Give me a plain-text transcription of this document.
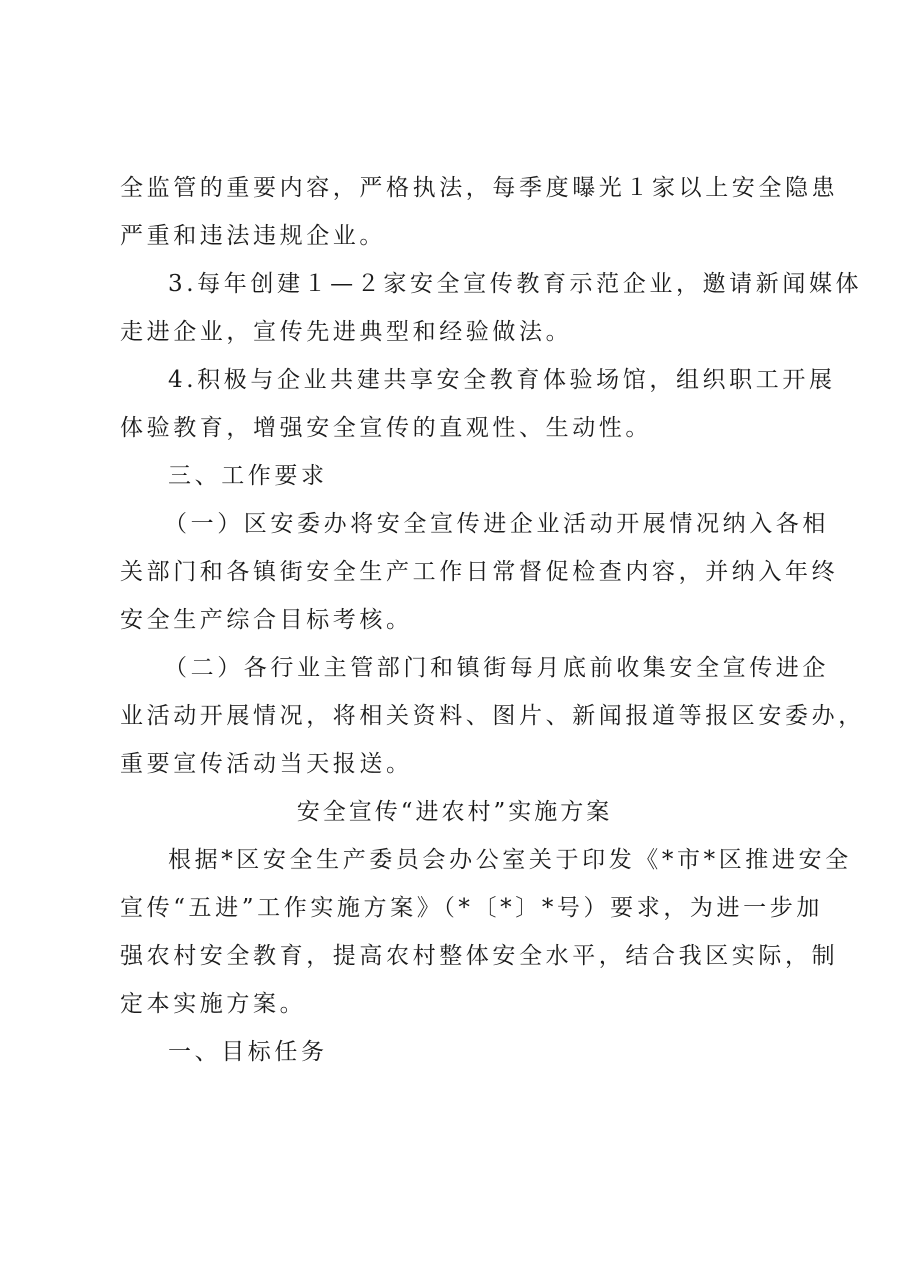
全监管的重要内容，严格执法，每季度曝光１家以上安全隐患
严重和违法违规企业。
3.每年创建１—２家安全宣传教育示范企业，邀请新闻媒体
走进企业，宣传先进典型和经验做法。
4.积极与企业共建共享安全教育体验场馆，组织职工开展
体验教育，增强安全宣传的直观性、生动性。
三、工作要求
（一）区安委办将安全宣传进企业活动开展情况纳入各相
关部门和各镇街安全生产工作日常督促检查内容，并纳入年终
安全生产综合目标考核。
（二）各行业主管部门和镇街每月底前收集安全宣传进企
业活动开展情况，将相关资料、图片、新闻报道等报区安委办，
重要宣传活动当天报送。
安全宣传“进农村”实施方案
根据*区安全生产委员会办公室关于印发《*市*区推进安全
宣传“五进”工作实施方案》（*〔*〕*号）要求，为进一步加
强农村安全教育，提高农村整体安全水平，结合我区实际，制
定本实施方案。
一、目标任务
